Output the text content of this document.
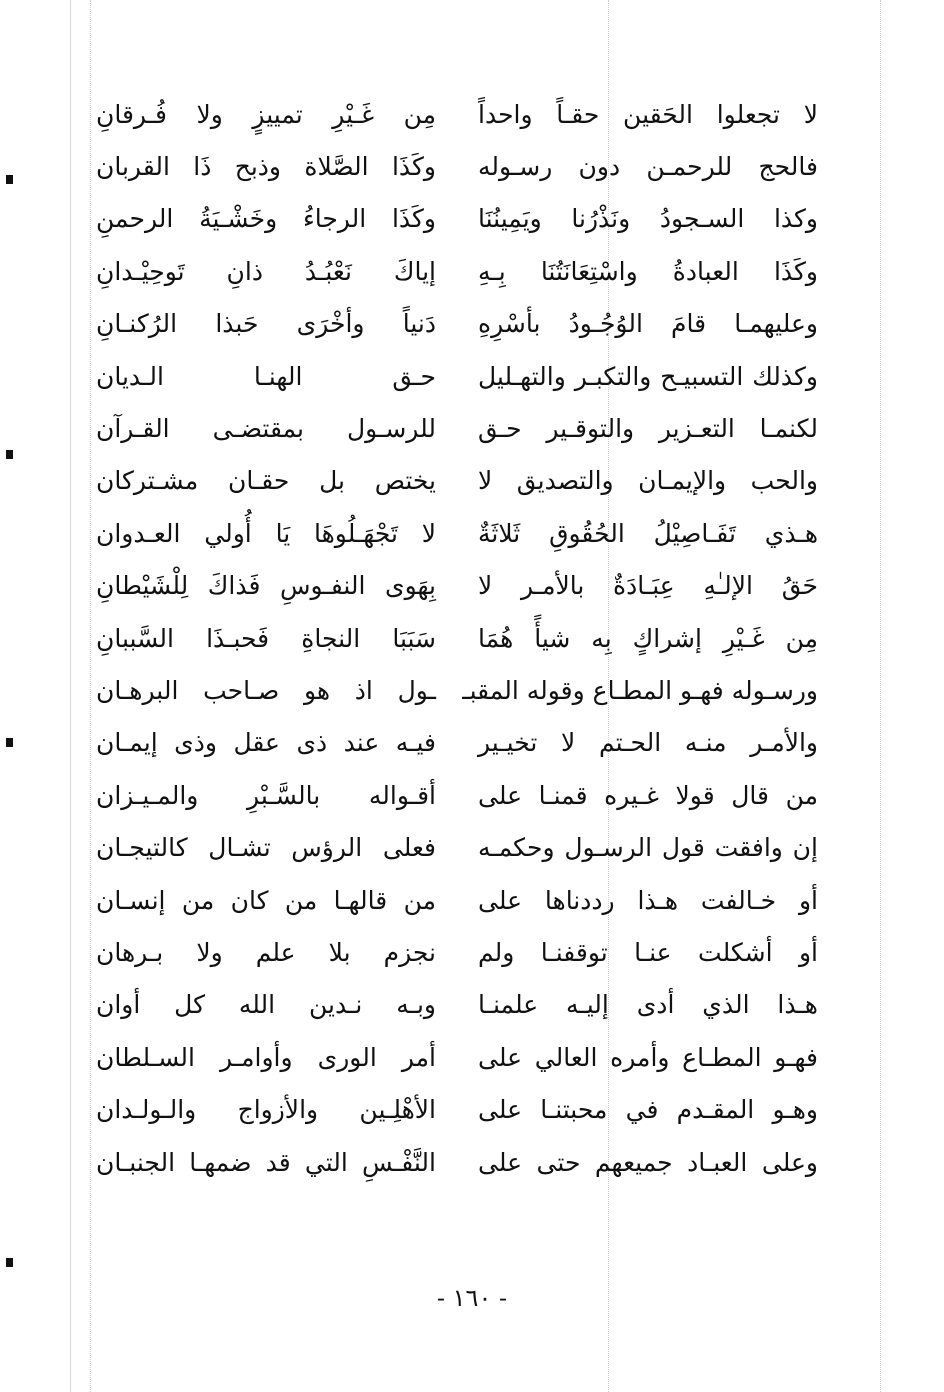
لا تجعلوا الحَقين حقـاً واحداً
مِن غَـيْرِ تمييزٍ ولا فُـرقانِ
فالحج للرحمـن دون رسـوله
وكَذَا الصَّلاة وذبح ذَا القربان
وكذا السـجودُ ونَذْرُنا ويَمِينُنَا
وكَذَا الرجاءُ وخَشْـيَةُ الرحمنِ
وكَذَا العبادةُ واسْتِعَانَتُنَا بِـهِ
إياكَ نَعْبُـدُ ذانِ تَوحِيْـدانِ
وعليهمـا قامَ الوُجُـودُ بأسْرِهِ
دَنياً وأخْرَى حَبذا الرُكنـانِ
وكذلك التسبيـح والتكبـر والتهـليل
حـق الهنـا الـديان
لكنمـا التعـزير والتوقـير حـق
للرسـول بمقتضـى القـرآن
والحب والإيمـان والتصديق لا
يختص بل حقـان مشـتركان
هـذي تَفَـاصِيْلُ الحُقُوقِ ثَلاثَةٌ
لا تَجْهَـلُوهَا يَا أُولي العـدوان
حَقُ الإلـٰهِ عِبَـادَةٌ بالأمـر لا
بِهَوى النفـوسِ فَذاكَ لِلْشَيْطانِ
مِن غَـيْرِ إشراكٍ بِه شيأً هُمَا
سَبَبَا النجاةِ فَحبـذَا السَّببانِ
ورسـوله فهـو المطـاع وقوله المقبـ
ـول اذ هو صـاحب البرهـان
والأمـر منـه الحـتم لا تخيـير
فيـه عند ذى عقل وذى إيمـان
من قال قولا غـيره قمنـا على
أقـواله بالسَّـبْرِ والمـيـزان
إن وافقت قول الرسـول وحكمـه
فعلى الرؤس تشـال كالتيجـان
أو خـالفت هـذا رددناها على
من قالهـا من كان من إنسـان
أو أشكلت عنـا توقفنـا ولم
نجزم بلا علم ولا بـرهان
هـذا الذي أدى إليـه علمنـا
وبـه نـدين الله كل أوان
فهـو المطـاع وأمره العالي على
أمر الورى وأوامـر السـلطان
وهـو المقـدم في محبتنـا على
الأهْلِـين والأزواج والـولـدان
وعلى العبـاد جميعهم حتى على
النَّفْـسِ التي قد ضمهـا الجنبـان
- ١٦٠ -
